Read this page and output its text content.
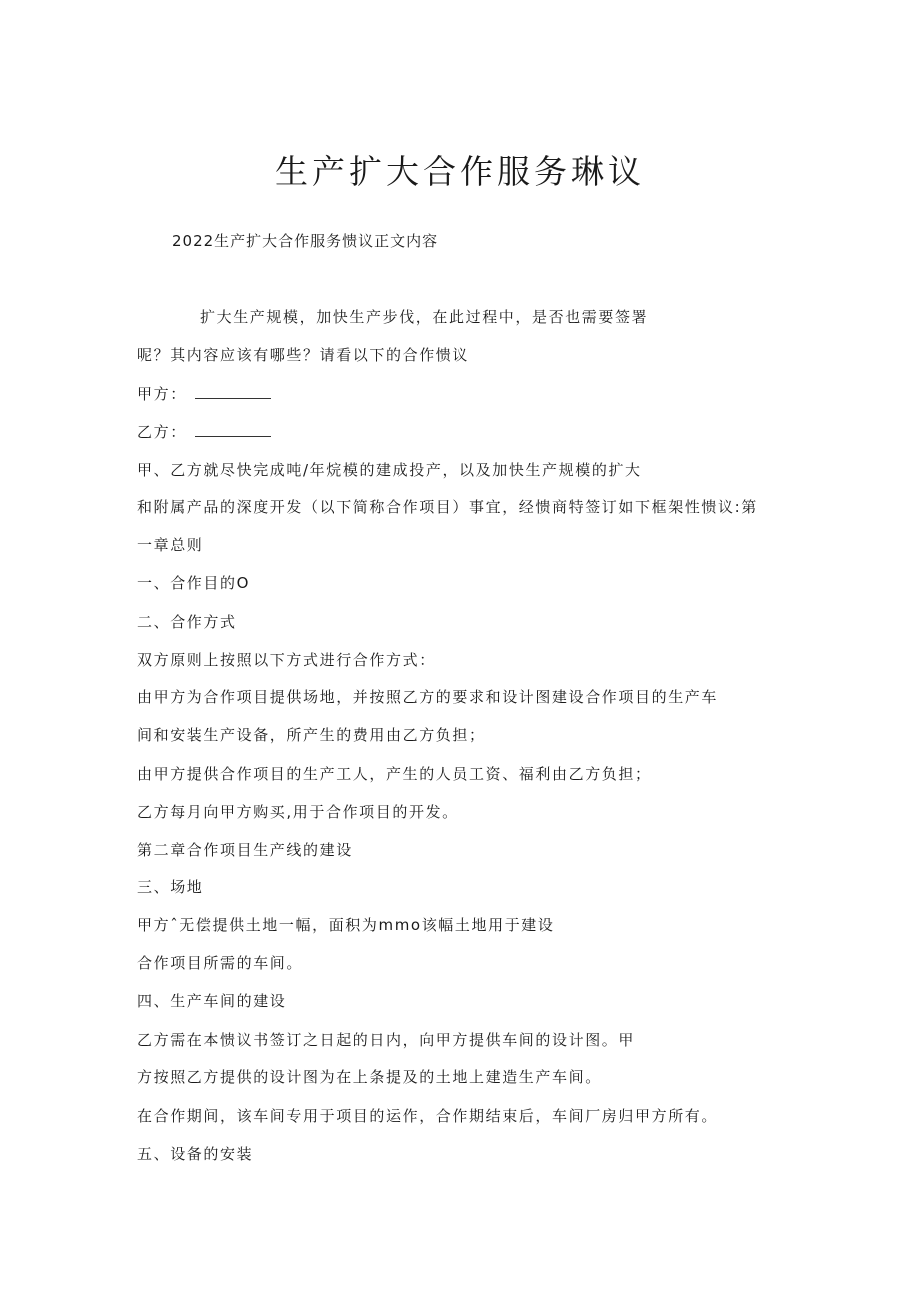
生产扩大合作服务琳议

2022生产扩大合作服务愦议正文内容

扩大生产规模，加快生产步伐，在此过程中，是否也需要签署

呢？其内容应该有哪些？请看以下的合作愦议

甲方：

乙方：

甲、乙方就尽快完成吨/年烷模的建成投产，以及加快生产规模的扩大

和附属产品的深度开发（以下简称合作项目）事宜，经愦商特签订如下框架性愦议:第

一章总则

一、合作目的O

二、合作方式

双方原则上按照以下方式进行合作方式：

由甲方为合作项目提供场地，并按照乙方的要求和设计图建设合作项目的生产车

间和安装生产设备，所产生的费用由乙方负担；

由甲方提供合作项目的生产工人，产生的人员工资、福利由乙方负担；

乙方每月向甲方购买,用于合作项目的开发。

第二章合作项目生产线的建设

三、场地

甲方ˆ无偿提供土地一幅，面积为mmo该幅土地用于建设

合作项目所需的车间。

四、生产车间的建设

乙方需在本愦议书签订之日起的日内，向甲方提供车间的设计图。甲

方按照乙方提供的设计图为在上条提及的土地上建造生产车间。

在合作期间，该车间专用于项目的运作，合作期结束后，车间厂房归甲方所有。

五、设备的安装
